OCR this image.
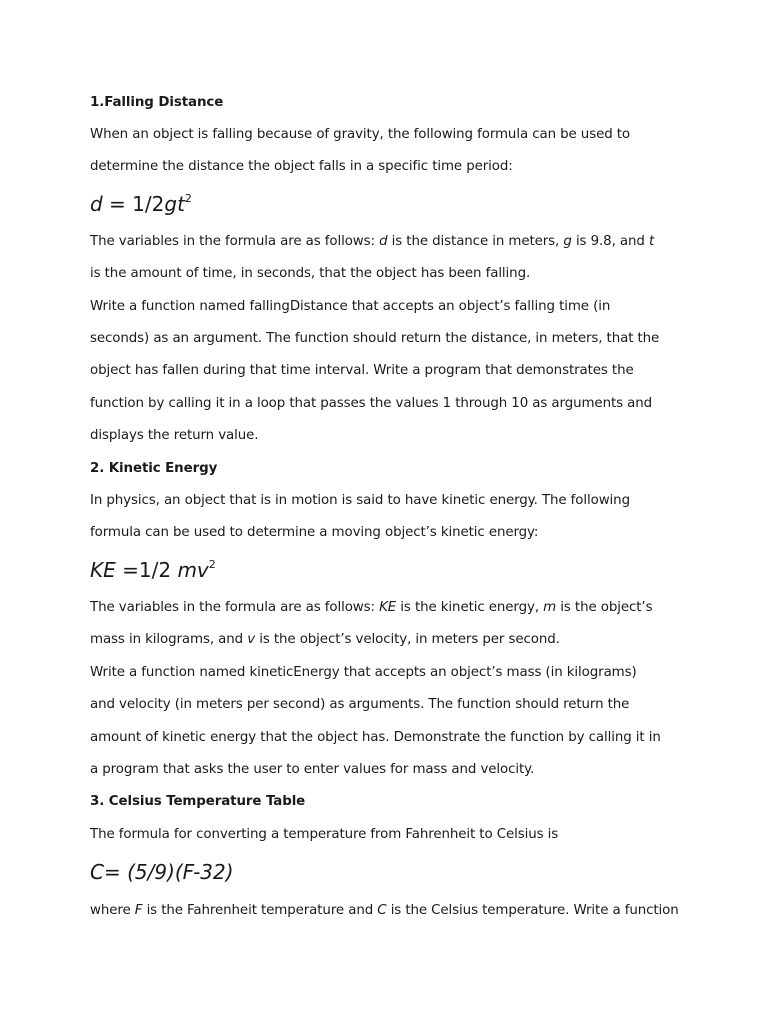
1.Falling Distance
When an object is falling because of gravity, the following formula can be used to
determine the distance the object falls in a specific time period:
$d = 1/2gt^2$
The variables in the formula are as follows: d is the distance in meters, g is 9.8, and t
is the amount of time, in seconds, that the object has been falling.
Write a function named fallingDistance that accepts an object’s falling time (in
seconds) as an argument. The function should return the distance, in meters, that the
object has fallen during that time interval. Write a program that demonstrates the
function by calling it in a loop that passes the values 1 through 10 as arguments and
displays the return value.
2. Kinetic Energy
In physics, an object that is in motion is said to have kinetic energy. The following
formula can be used to determine a moving object’s kinetic energy:
KE =1/2 $mv^2$
The variables in the formula are as follows: KE is the kinetic energy, m is the object’s
mass in kilograms, and v is the object’s velocity, in meters per second.
Write a function named kineticEnergy that accepts an object’s mass (in kilograms)
and velocity (in meters per second) as arguments. The function should return the
amount of kinetic energy that the object has. Demonstrate the function by calling it in
a program that asks the user to enter values for mass and velocity.
3. Celsius Temperature Table
The formula for converting a temperature from Fahrenheit to Celsius is
C= (5/9)(F-32)
where F is the Fahrenheit temperature and C is the Celsius temperature. Write a function
